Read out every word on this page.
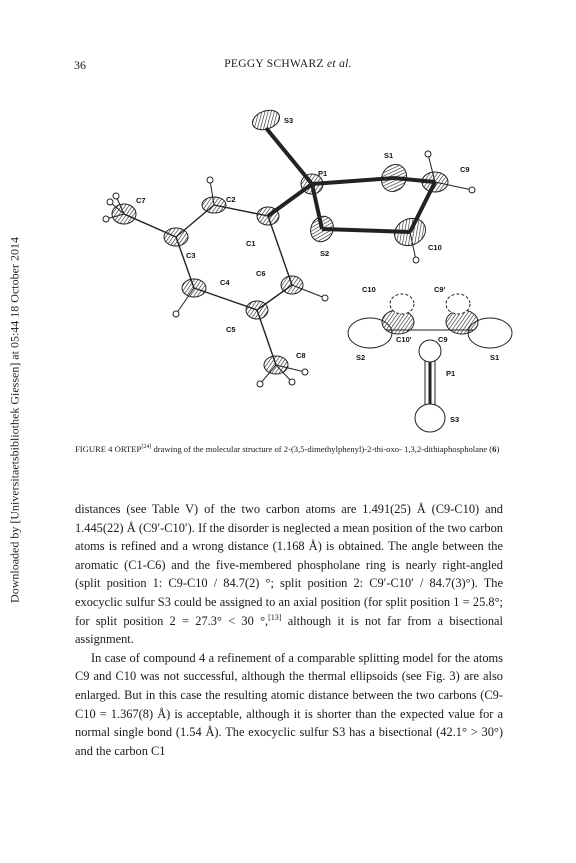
Downloaded by [Universitaetsbibliothek Giessen] at 05:44 18 October 2014
36	PEGGY SCHWARZ et al.
S3
P1
S1
C9
C7	C2
C1
S2
C10
C3
C6
C4
C5
C8
C10	C9'
C10'	C9
S2	S1
P1
S3
FIGURE 4 ORTEP[24] drawing of the molecular structure of 2-(3,5-dimethylphenyl)-2-thi-oxo- 1,3,2-dithiaphospholane (6)

distances (see Table V) of the two carbon atoms are 1.491(25) Å (C9-C10) and 1.445(22) Å (C9′-C10′). If the disorder is neglected a mean position of the two carbon atoms is refined and a wrong distance (1.168 Å) is obtained. The angle between the aromatic (C1-C6) and the five-membered phospholane ring is nearly right-angled (split position 1: C9-C10 / 84.7(2) °; split position 2: C9′-C10′ / 84.7(3)°). The exocyclic sulfur S3 could be assigned to an axial position (for split position 1 = 25.8°; for split position 2 = 27.3° < 30 °,[13] although it is not far from a bisectional assignment.

In case of compound 4 a refinement of a comparable splitting model for the atoms C9 and C10 was not successful, although the thermal ellipsoids (see Fig. 3) are also enlarged. But in this case the resulting atomic distance between the two carbons (C9-C10 = 1.367(8) Å) is acceptable, although it is shorter than the expected value for a normal single bond (1.54 Å). The exocyclic sulfur S3 has a bisectional (42.1° > 30°) and the carbon C1
